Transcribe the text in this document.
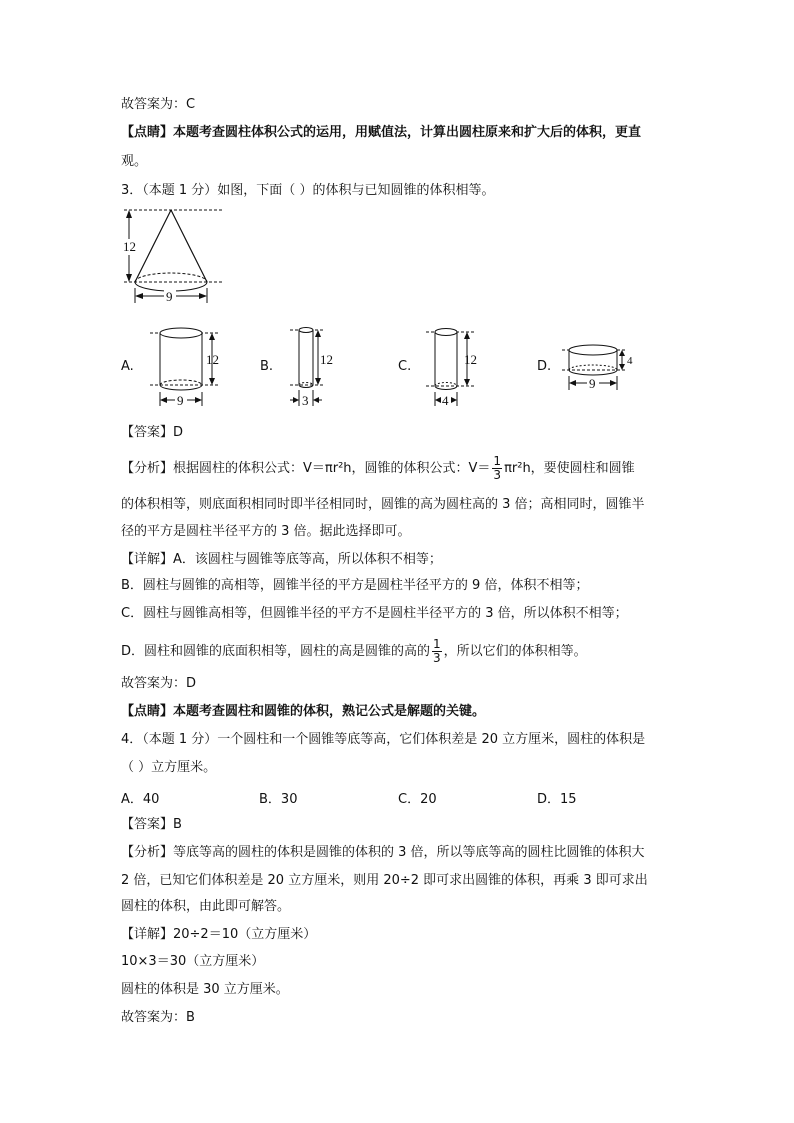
故答案为：C
【点睛】本题考查圆柱体积公式的运用，用赋值法，计算出圆柱原来和扩大后的体积，更直
观。
3．（本题 1 分）如图，下面（ ）的体积与已知圆锥的体积相等。
12
9
A.	12
9
B.	12
3
C.	12
4
D.	4
9
【答案】D
【分析】根据圆柱的体积公式：V＝πr²h，圆锥的体积公式：$V= \frac{1}{3} \pi r^2h$，要使圆柱和圆锥
的体积相等，则底面积相同时即半径相同时，圆锥的高为圆柱高的 3 倍；高相同时，圆锥半
径的平方是圆柱半径平方的 3 倍。据此选择即可。
【详解】A．该圆柱与圆锥等底等高，所以体积不相等；
B．圆柱与圆锥的高相等，圆锥半径的平方是圆柱半径平方的 9 倍，体积不相等；
C．圆柱与圆锥高相等，但圆锥半径的平方不是圆柱半径平方的 3 倍，所以体积不相等；
D．圆柱和圆锥的底面积相等，圆柱的高是圆锥的高的 $\frac{1}{3}$ ，所以它们的体积相等。
故答案为：D
【点睛】本题考查圆柱和圆锥的体积，熟记公式是解题的关键。
4．（本题 1 分）一个圆柱和一个圆锥等底等高，它们体积差是 20 立方厘米，圆柱的体积是
（ ）立方厘米。
A．40	B．30	C．20	D．15
【答案】B
【分析】等底等高的圆柱的体积是圆锥的体积的 3 倍，所以等底等高的圆柱比圆锥的体积大
2 倍，已知它们体积差是 20 立方厘米，则用 20÷2 即可求出圆锥的体积，再乘 3 即可求出
圆柱的体积，由此即可解答。
【详解】20÷2＝10（立方厘米）
10×3＝30（立方厘米）
圆柱的体积是 30 立方厘米。
故答案为：B
